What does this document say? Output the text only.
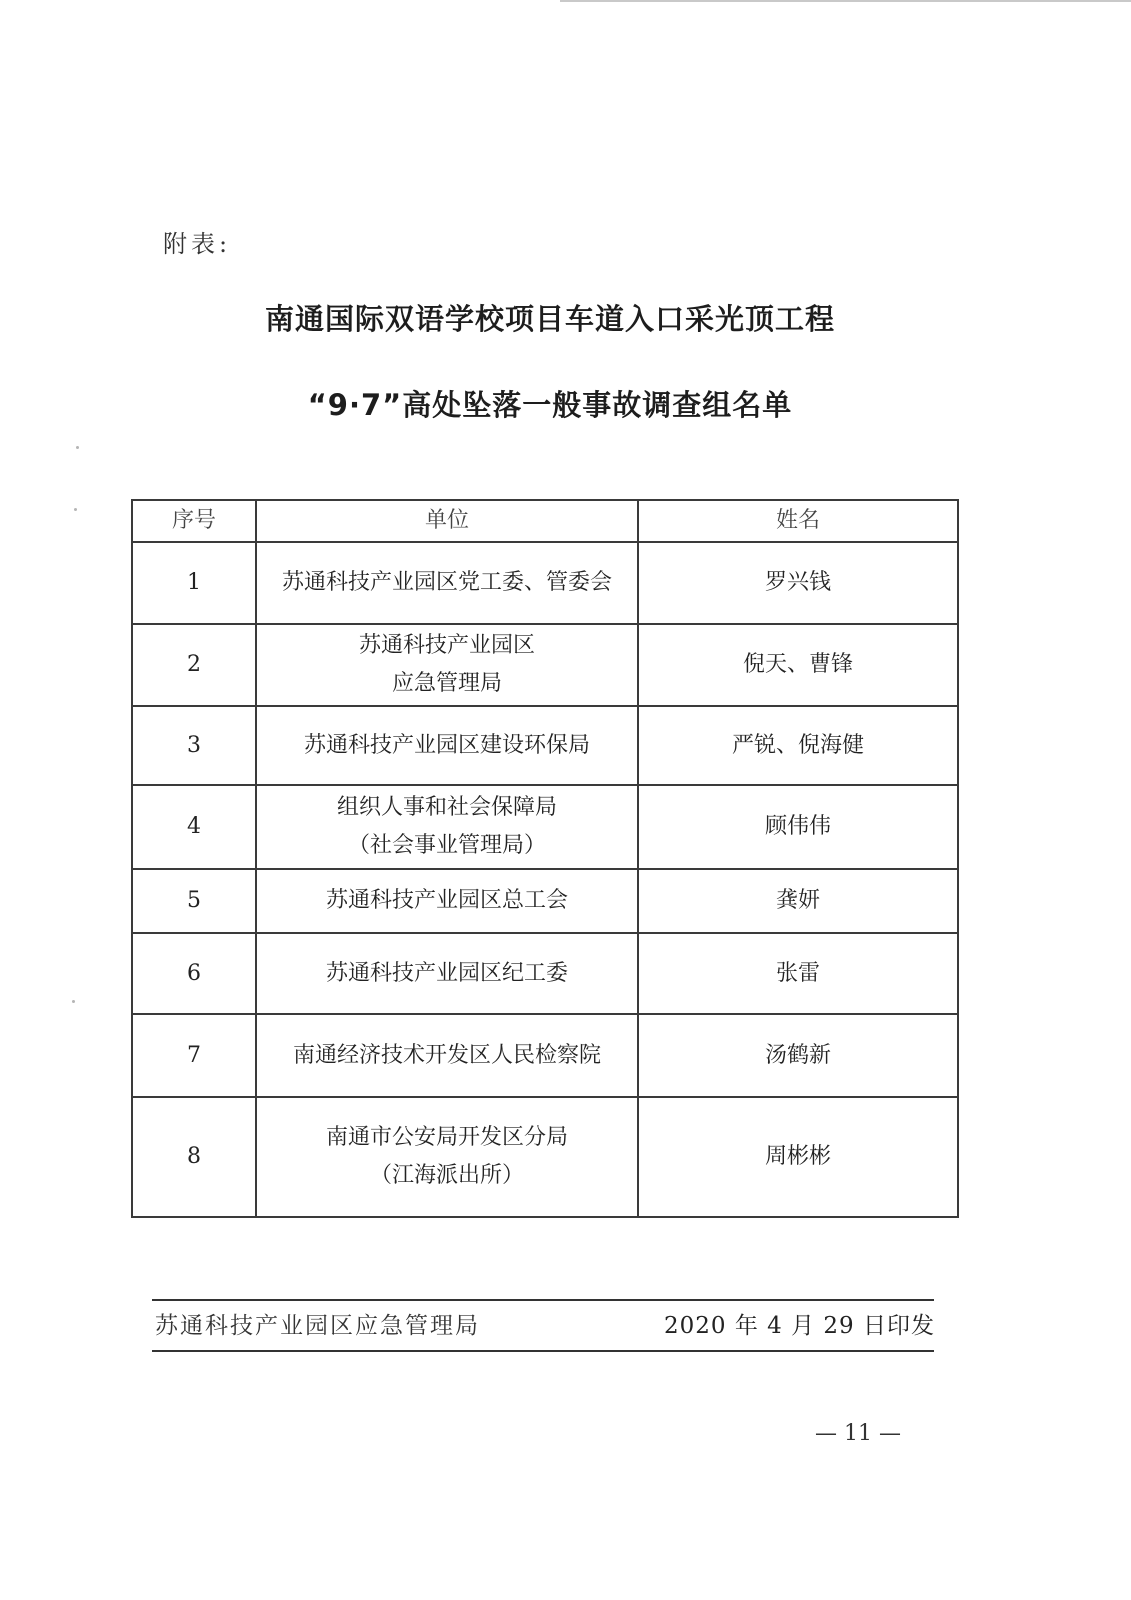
附表:
南通国际双语学校项目车道入口采光顶工程
“9·7”高处坠落一般事故调查组名单
序号	单位	姓名
1	苏通科技产业园区党工委、管委会	罗兴钱
2	苏通科技产业园区
应急管理局	倪天、曹锋
3	苏通科技产业园区建设环保局	严锐、倪海健
4	组织人事和社会保障局
（社会事业管理局）	顾伟伟
5	苏通科技产业园区总工会	龚妍
6	苏通科技产业园区纪工委	张雷
7	南通经济技术开发区人民检察院	汤鹤新
8	南通市公安局开发区分局
（江海派出所）	周彬彬
苏通科技产业园区应急管理局	2020 年 4 月 29 日印发
— 11 —
